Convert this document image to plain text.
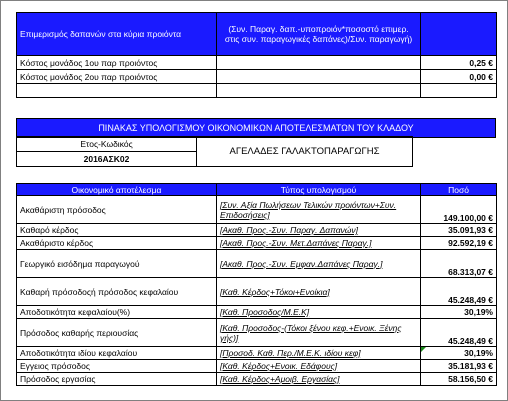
Επιμερισμός δαπανών στα κύρια προιόντα	(Συν. Παραγ. δαπ.-υποπροιόν*ποσοστό επιμερ. στις συν. παραγωγικές δαπάνες)/Συν. παραγωγή)	
Κόστος μονάδος 1ου παρ προιόντος		0,25 €
Κόστος μονάδος 2ου παρ προιόντος		0,00 €

ΠΙΝΑΚΑΣ ΥΠΟΛΟΓΙΣΜΟΥ ΟΙΚΟΝΟΜΙΚΩΝ ΑΠΟΤΕΛΕΣΜΑΤΩΝ ΤΟΥ ΚΛΑΔΟΥ
Ετος-Κωδικός	ΑΓΕΛΑΔΕΣ ΓΑΛΑΚΤΟΠΑΡΑΓΩΓΗΣ
2016ΑΣΚ02
Οικονομικό αποτέλεσμα	Τύπος υπολογισμού	Ποσό
Ακαθάριστη πρόσοδος	[Συν. Αξία Πωλήσεων Τελικών προιόντων+Συν. Επιδοσήσεις]	149.100,00 €
Καθαρό κέρδος	[Ακαθ. Προς.-Συν. Παραγ. Δαπανών]	35.091,93 €
Ακαθάριστο κέρδος	[Ακαθ. Προς.-Συν. Μετ.Δαπάνες Παραγ.]	92.592,19 €
Γεωργικό εισόδημα παραγωγού	[Ακαθ. Προς.-Συν. Εμφαν.Δαπάνες Παραγ.]	68.313,07 €
Καθαρή πρόσοδοςή πρόσοδος κεφαλαίου	[Καθ. Κέρδος+Τόκοι+Ενοίκια]	45.248,49 €
Αποδοτικότητα κεφαλαίου(%)	[Καθ. Προσοδος/Μ.Ε.Κ]	30,19%
Πρόσοδος καθαρής περιουσίας	[Καθ. Προσοδος-(Τόκοι ξένου κεφ.+Ενοικ. Ξένης γής)]	45.248,49 €
Αποδοτικότητα ιδίου κεφαλαίου	[Προσοδ. Καθ. Περ./Μ.Ε.Κ. ιδίου κεφ]	30,19%
Εγγειος πρόσοδος	[Καθ. Κέρδος+Ενοικ. Εδάφους]	35.181,93 €
Πρόσοδος εργασίας	[Καθ. Κέρδος+Αμοιβ. Εργασίας]	58.156,50 €
